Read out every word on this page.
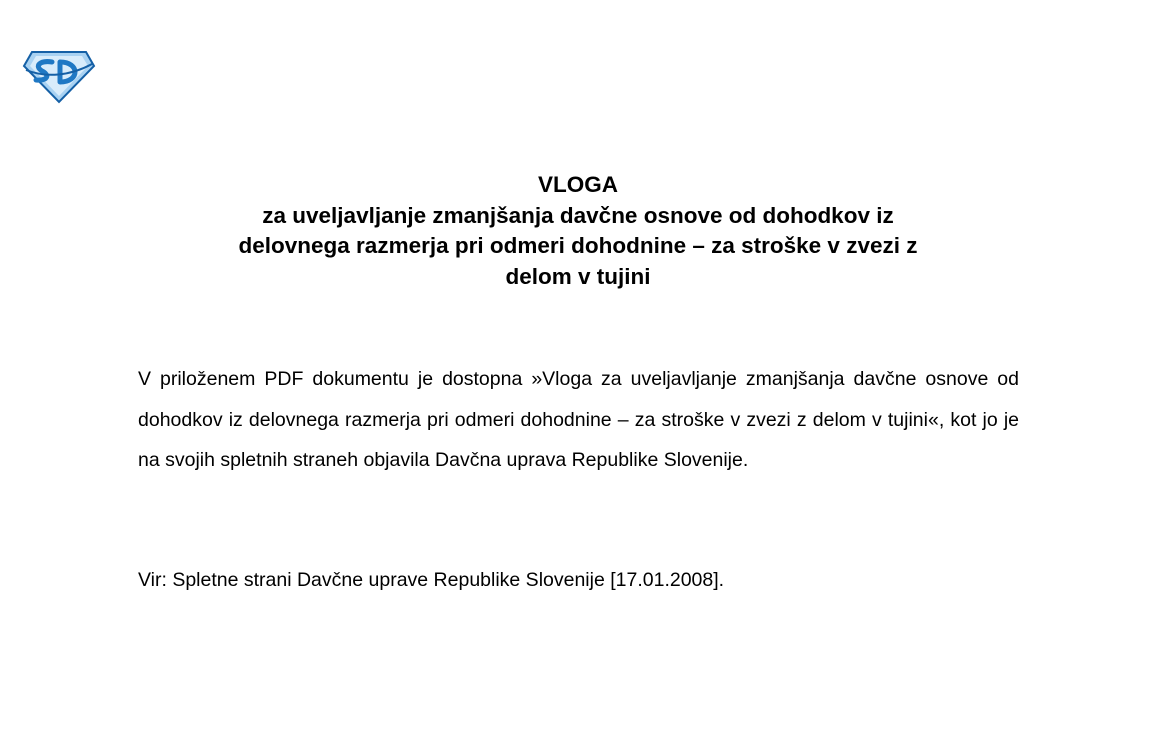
VLOGA
za uveljavljanje zmanjšanja davčne osnove od dohodkov iz
delovnega razmerja pri odmeri dohodnine – za stroške v zvezi z
delom v tujini

V priloženem PDF dokumentu je dostopna »Vloga za uveljavljanje zmanjšanja davčne osnove od dohodkov iz delovnega razmerja pri odmeri dohodnine – za stroške v zvezi z delom v tujini«, kot jo je na svojih spletnih straneh objavila Davčna uprava Republike Slovenije.

Vir: Spletne strani Davčne uprave Republike Slovenije [17.01.2008].
